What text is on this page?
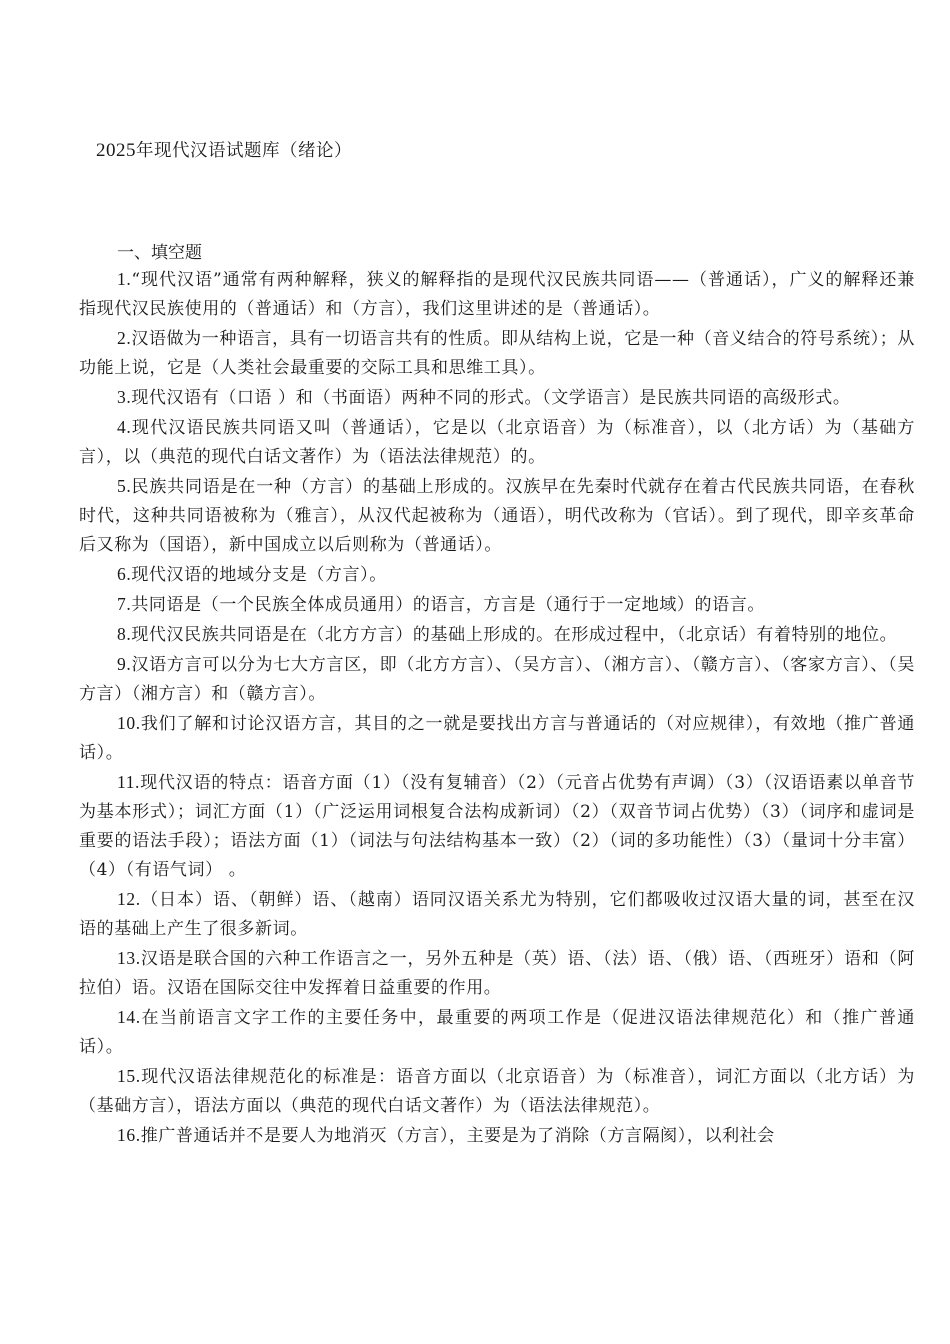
2025年现代汉语试题库（绪论）
一、填空题

1.“现代汉语”通常有两种解释，狭义的解释指的是现代汉民族共同语——（普通话），广义的解释还兼指现代汉民族使用的（普通话）和（方言），我们这里讲述的是（普通话）。

2.汉语做为一种语言，具有一切语言共有的性质。即从结构上说，它是一种（音义结合的符号系统）；从功能上说，它是（人类社会最重要的交际工具和思维工具）。

3.现代汉语有（口语 ）和（书面语）两种不同的形式。（文学语言）是民族共同语的高级形式。

4.现代汉语民族共同语又叫（普通话），它是以（北京语音）为（标准音），以（北方话）为（基础方言），以（典范的现代白话文著作）为（语法法律规范）的。

5.民族共同语是在一种（方言）的基础上形成的。汉族早在先秦时代就存在着古代民族共同语，在春秋时代，这种共同语被称为（雅言），从汉代起被称为（通语），明代改称为（官话）。到了现代，即辛亥革命后又称为（国语），新中国成立以后则称为（普通话）。

6.现代汉语的地域分支是（方言）。

7.共同语是（一个民族全体成员通用）的语言，方言是（通行于一定地域）的语言。

8.现代汉民族共同语是在（北方方言）的基础上形成的。在形成过程中，（北京话）有着特别的地位。

9.汉语方言可以分为七大方言区，即（北方方言）、（吴方言）、（湘方言）、（赣方言）、（客家方言）、（吴方言）（湘方言）和（赣方言）。

10.我们了解和讨论汉语方言，其目的之一就是要找出方言与普通话的（对应规律），有效地（推广普通话）。

11.现代汉语的特点：语音方面（1）（没有复辅音）（2）（元音占优势有声调）（3）（汉语语素以单音节为基本形式）；词汇方面（1）（广泛运用词根复合法构成新词）（2）（双音节词占优势）（3）（词序和虚词是重要的语法手段）；语法方面（1）（词法与句法结构基本一致）（2）（词的多功能性）（3）（量词十分丰富）（4）（有语气词） 。

12.（日本）语、（朝鲜）语、（越南）语同汉语关系尤为特别，它们都吸收过汉语大量的词，甚至在汉语的基础上产生了很多新词。

13.汉语是联合国的六种工作语言之一，另外五种是（英）语、（法）语、（俄）语、（西班牙）语和（阿拉伯）语。汉语在国际交往中发挥着日益重要的作用。

14.在当前语言文字工作的主要任务中，最重要的两项工作是（促进汉语法律规范化）和（推广普通话）。

15.现代汉语法律规范化的标准是：语音方面以（北京语音）为（标准音），词汇方面以（北方话）为（基础方言），语法方面以（典范的现代白话文著作）为（语法法律规范）。

16.推广普通话并不是要人为地消灭（方言），主要是为了消除（方言隔阂），以利社会
